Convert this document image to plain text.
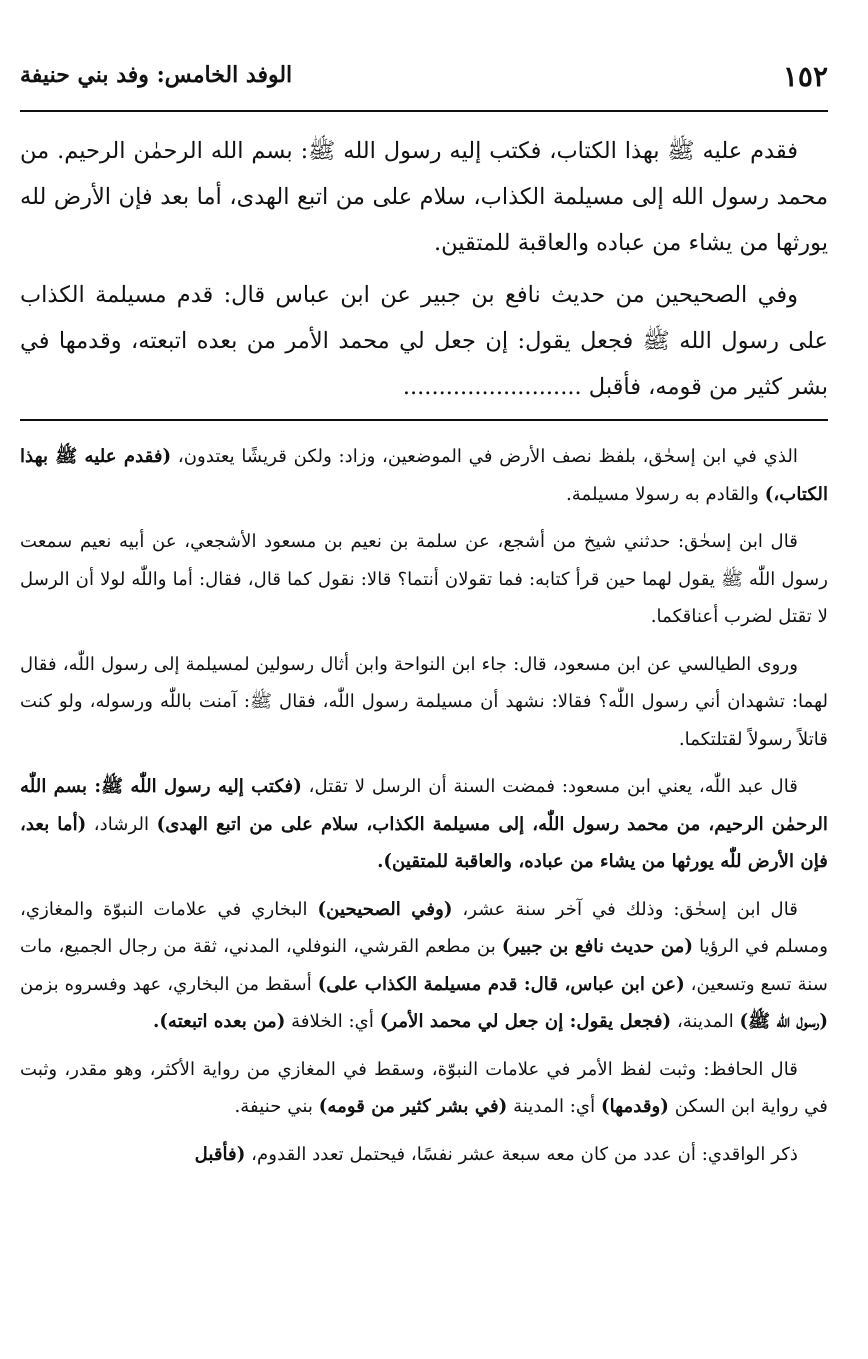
١٥٢
الوفد الخامس: وفد بني حنيفة

فقدم عليه ﷺ بهذا الكتاب، فكتب إليه رسول الله ﷺ: بسم الله الرحمٰن الرحيم. من محمد رسول الله إلى مسيلمة الكذاب، سلام على من اتبع الهدى، أما بعد فإن الأرض لله يورثها من يشاء من عباده والعاقبة للمتقين.

وفي الصحيحين من حديث نافع بن جبير عن ابن عباس قال: قدم مسيلمة الكذاب على رسول الله ﷺ فجعل يقول: إن جعل لي محمد الأمر من بعده اتبعته، وقدمها في بشر كثير من قومه، فأقبل .........................

الذي في ابن إسحٰق، بلفظ نصف الأرض في الموضعين، وزاد: ولكن قريشًا يعتدون، (فقدم عليه ﷺ بهذا الكتاب،) والقادم به رسولا مسيلمة.

قال ابن إسحٰق: حدثني شيخ من أشجع، عن سلمة بن نعيم بن مسعود الأشجعي، عن أبيه نعيم سمعت رسول اللّٰه ﷺ يقول لهما حين قرأ كتابه: فما تقولان أنتما؟ قالا: نقول كما قال، فقال: أما واللّٰه لولا أن الرسل لا تقتل لضرب أعناقكما.

وروى الطيالسي عن ابن مسعود، قال: جاء ابن النواحة وابن أثال رسولين لمسيلمة إلى رسول اللّٰه، فقال لهما: تشهدان أني رسول اللّٰه؟ فقالا: نشهد أن مسيلمة رسول اللّٰه، فقال ﷺ: آمنت باللّٰه ورسوله، ولو كنت قاتلاً رسولاً لقتلتكما.

قال عبد اللّٰه، يعني ابن مسعود: فمضت السنة أن الرسل لا تقتل، (فكتب إليه رسول اللّٰه ﷺ: بسم اللّٰه الرحمٰن الرحيم، من محمد رسول اللّٰه، إلى مسيلمة الكذاب، سلام على من اتبع الهدى) الرشاد، (أما بعد، فإن الأرض للّٰه يورثها من يشاء من عباده، والعاقبة للمتقين).

قال ابن إسحٰق: وذلك في آخر سنة عشر، (وفي الصحيحين) البخاري في علامات النبوّة والمغازي، ومسلم في الرؤيا (من حديث نافع بن جبير) بن مطعم القرشي، النوفلي، المدني، ثقة من رجال الجميع، مات سنة تسع وتسعين، (عن ابن عباس، قال: قدم مسيلمة الكذاب على) أسقط من البخاري، عهد وفسروه بزمن (رسول اللّٰه ﷺ) المدينة، (فجعل يقول: إن جعل لي محمد الأمر) أي: الخلافة (من بعده اتبعته).

قال الحافظ: وثبت لفظ الأمر في علامات النبوّة، وسقط في المغازي من رواية الأكثر، وهو مقدر، وثبت في رواية ابن السكن (وقدمها) أي: المدينة (في بشر كثير من قومه) بني حنيفة.

ذكر الواقدي: أن عدد من كان معه سبعة عشر نفسًا، فيحتمل تعدد القدوم، (فأقبل
